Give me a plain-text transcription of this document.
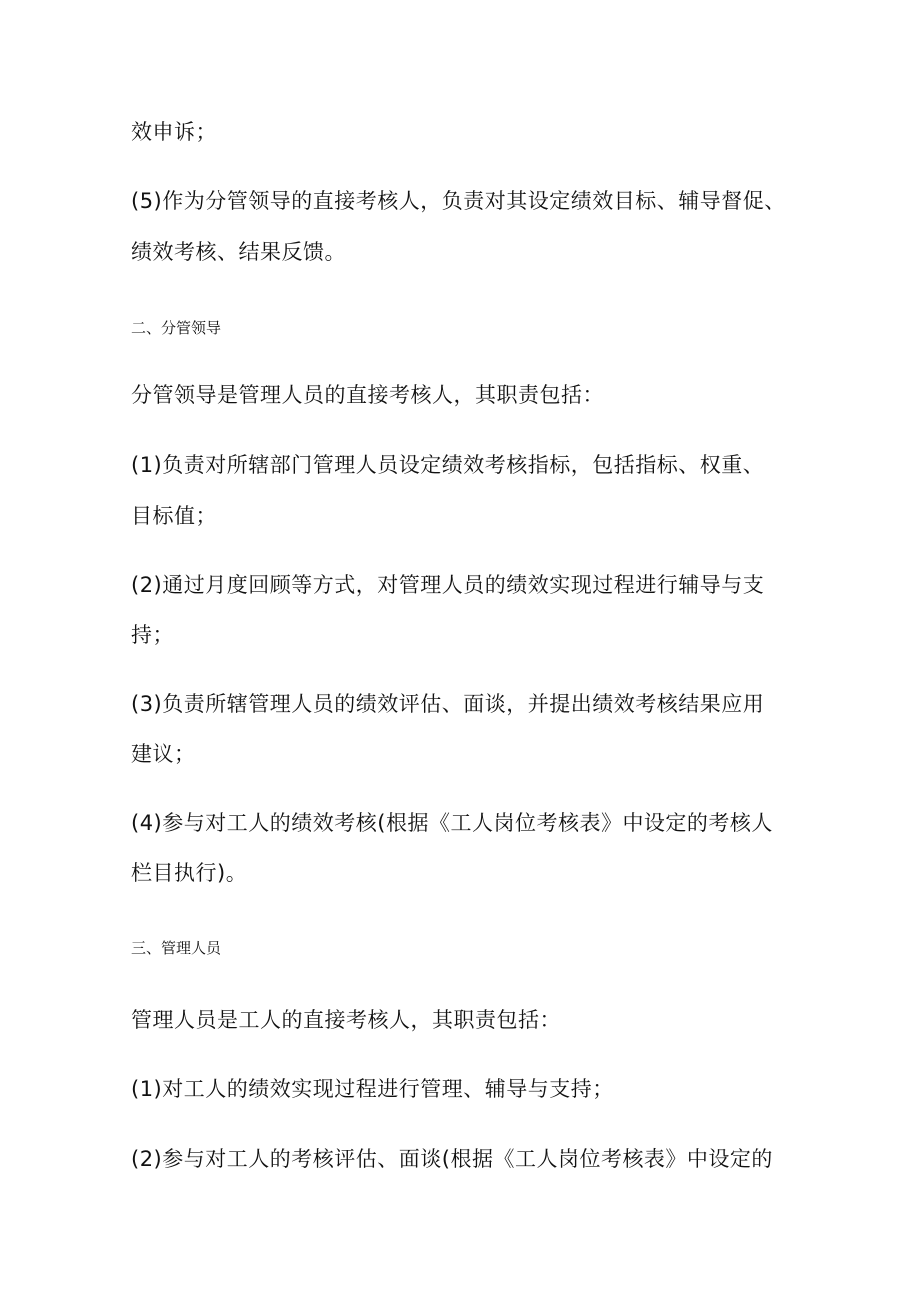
效申诉；
(5)作为分管领导的直接考核人，负责对其设定绩效目标、辅导督促、
绩效考核、结果反馈。
二、分管领导
分管领导是管理人员的直接考核人，其职责包括：
(1)负责对所辖部门管理人员设定绩效考核指标，包括指标、权重、
目标值；
(2)通过月度回顾等方式，对管理人员的绩效实现过程进行辅导与支
持；
(3)负责所辖管理人员的绩效评估、面谈，并提出绩效考核结果应用
建议；
(4)参与对工人的绩效考核(根据《工人岗位考核表》中设定的考核人
栏目执行)。
三、管理人员
管理人员是工人的直接考核人，其职责包括：
(1)对工人的绩效实现过程进行管理、辅导与支持；
(2)参与对工人的考核评估、面谈(根据《工人岗位考核表》中设定的
